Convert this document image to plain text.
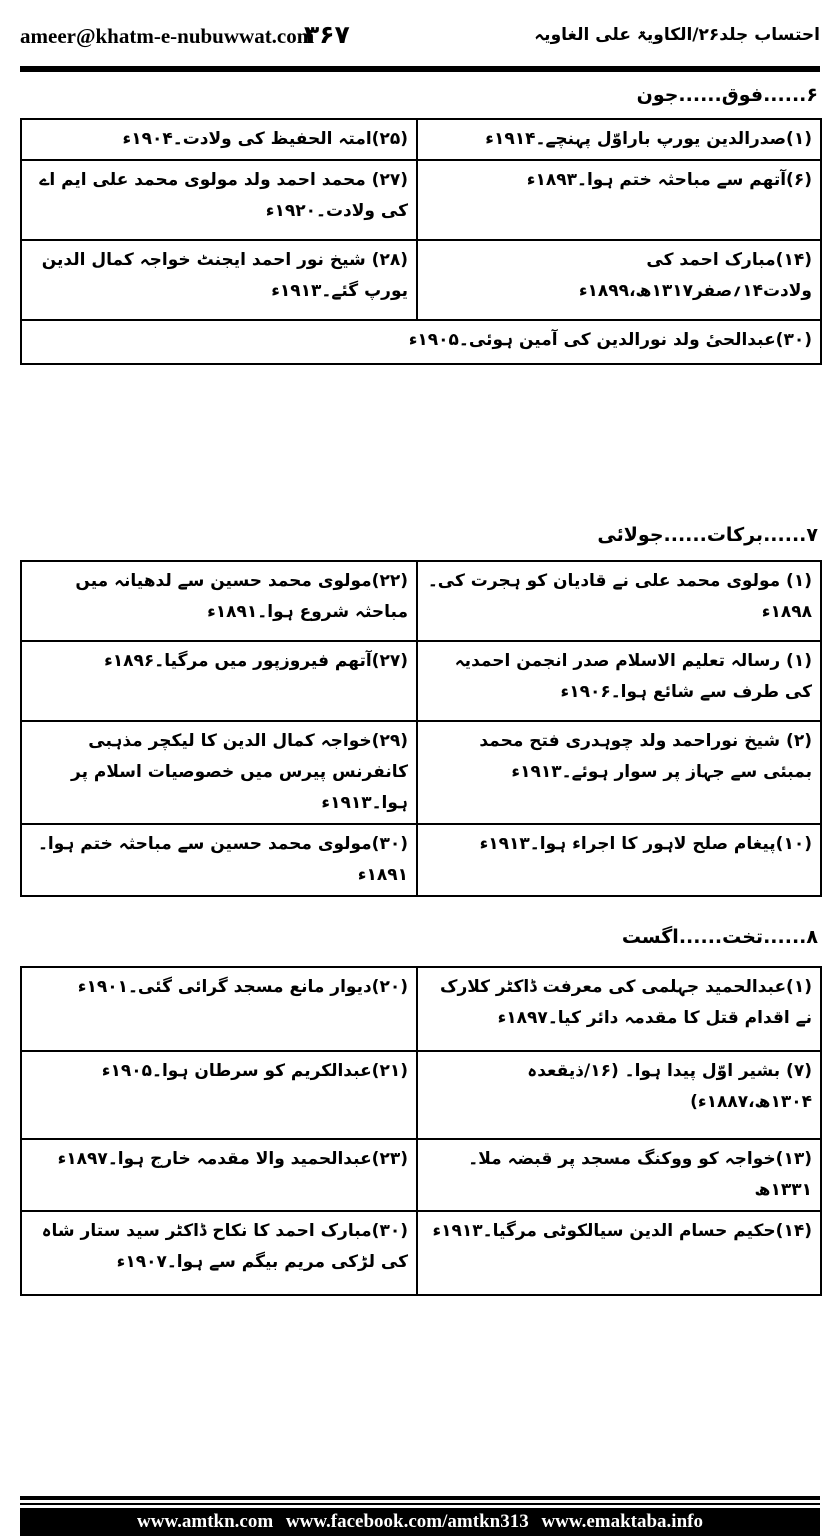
ameer@khatm-e-nubuwwat.com
۳۶۷	احتساب جلد۲۶/الکاویۃ علی الغاویہ
۶......فوق......جون
(۱)صدرالدین یورپ باراوّل پہنچے۔۱۹۱۴ء	(۲۵)امتہ الحفیظ کی ولادت۔۱۹۰۴ء
(۶)آتھم سے مباحثہ ختم ہوا۔۱۸۹۳ء	(۲۷) محمد احمد ولد مولوی محمد علی ایم اے کی ولادت۔۱۹۲۰ء
(۱۴)مبارک احمد کی ولادت۱۴؍صفر۱۳۱۷ھ،۱۸۹۹ء	(۲۸) شیخ نور احمد ایجنٹ خواجہ کمال الدین یورپ گئے۔۱۹۱۳ء
(۳۰)عبدالحیٔ ولد نورالدین کی آمین ہوئی۔۱۹۰۵ء	
۷......برکات......جولائی
(۱) مولوی محمد علی نے قادیان کو ہجرت کی۔ ۱۸۹۸ء	(۲۲)مولوی محمد حسین سے لدھیانہ میں مباحثہ شروع ہوا۔۱۸۹۱ء
(۱) رسالہ تعلیم الاسلام صدر انجمن احمدیہ کی طرف سے شائع ہوا۔۱۹۰۶ء	(۲۷)آتھم فیروزپور میں مرگیا۔۱۸۹۶ء
(۲) شیخ نوراحمد ولد چوہدری فتح محمد بمبئی سے جہاز پر سوار ہوئے۔۱۹۱۳ء	(۲۹)خواجہ کمال الدین کا لیکچر مذہبی کانفرنس پیرس میں خصوصیات اسلام پر ہوا۔۱۹۱۳ء
(۱۰)پیغام صلح لاہور کا اجراء ہوا۔۱۹۱۳ء	(۳۰)مولوی محمد حسین سے مباحثہ ختم ہوا۔۱۸۹۱ء
۸......تخت......اگست
(۱)عبدالحمید جہلمی کی معرفت ڈاکٹر کلارک نے اقدام قتل کا مقدمہ دائر کیا۔۱۸۹۷ء	(۲۰)دیوار مانع مسجد گرائی گئی۔۱۹۰۱ء
(۷) بشیر اوّل پیدا ہوا۔ (۱۶/ذیقعدہ ۱۳۰۴ھ،۱۸۸۷ء)	(۲۱)عبدالکریم کو سرطان ہوا۔۱۹۰۵ء
(۱۳)خواجہ کو ووکنگ مسجد پر قبضہ ملا۔۱۳۳۱ھ	(۲۳)عبدالحمید والا مقدمہ خارج ہوا۔۱۸۹۷ء
(۱۴)حکیم حسام الدین سیالکوٹی مرگیا۔۱۹۱۳ء	(۳۰)مبارک احمد کا نکاح ڈاکٹر سید ستار شاہ کی لڑکی مریم بیگم سے ہوا۔۱۹۰۷ء
www.amtkn.com www.facebook.com/amtkn313 www.emaktaba.info
